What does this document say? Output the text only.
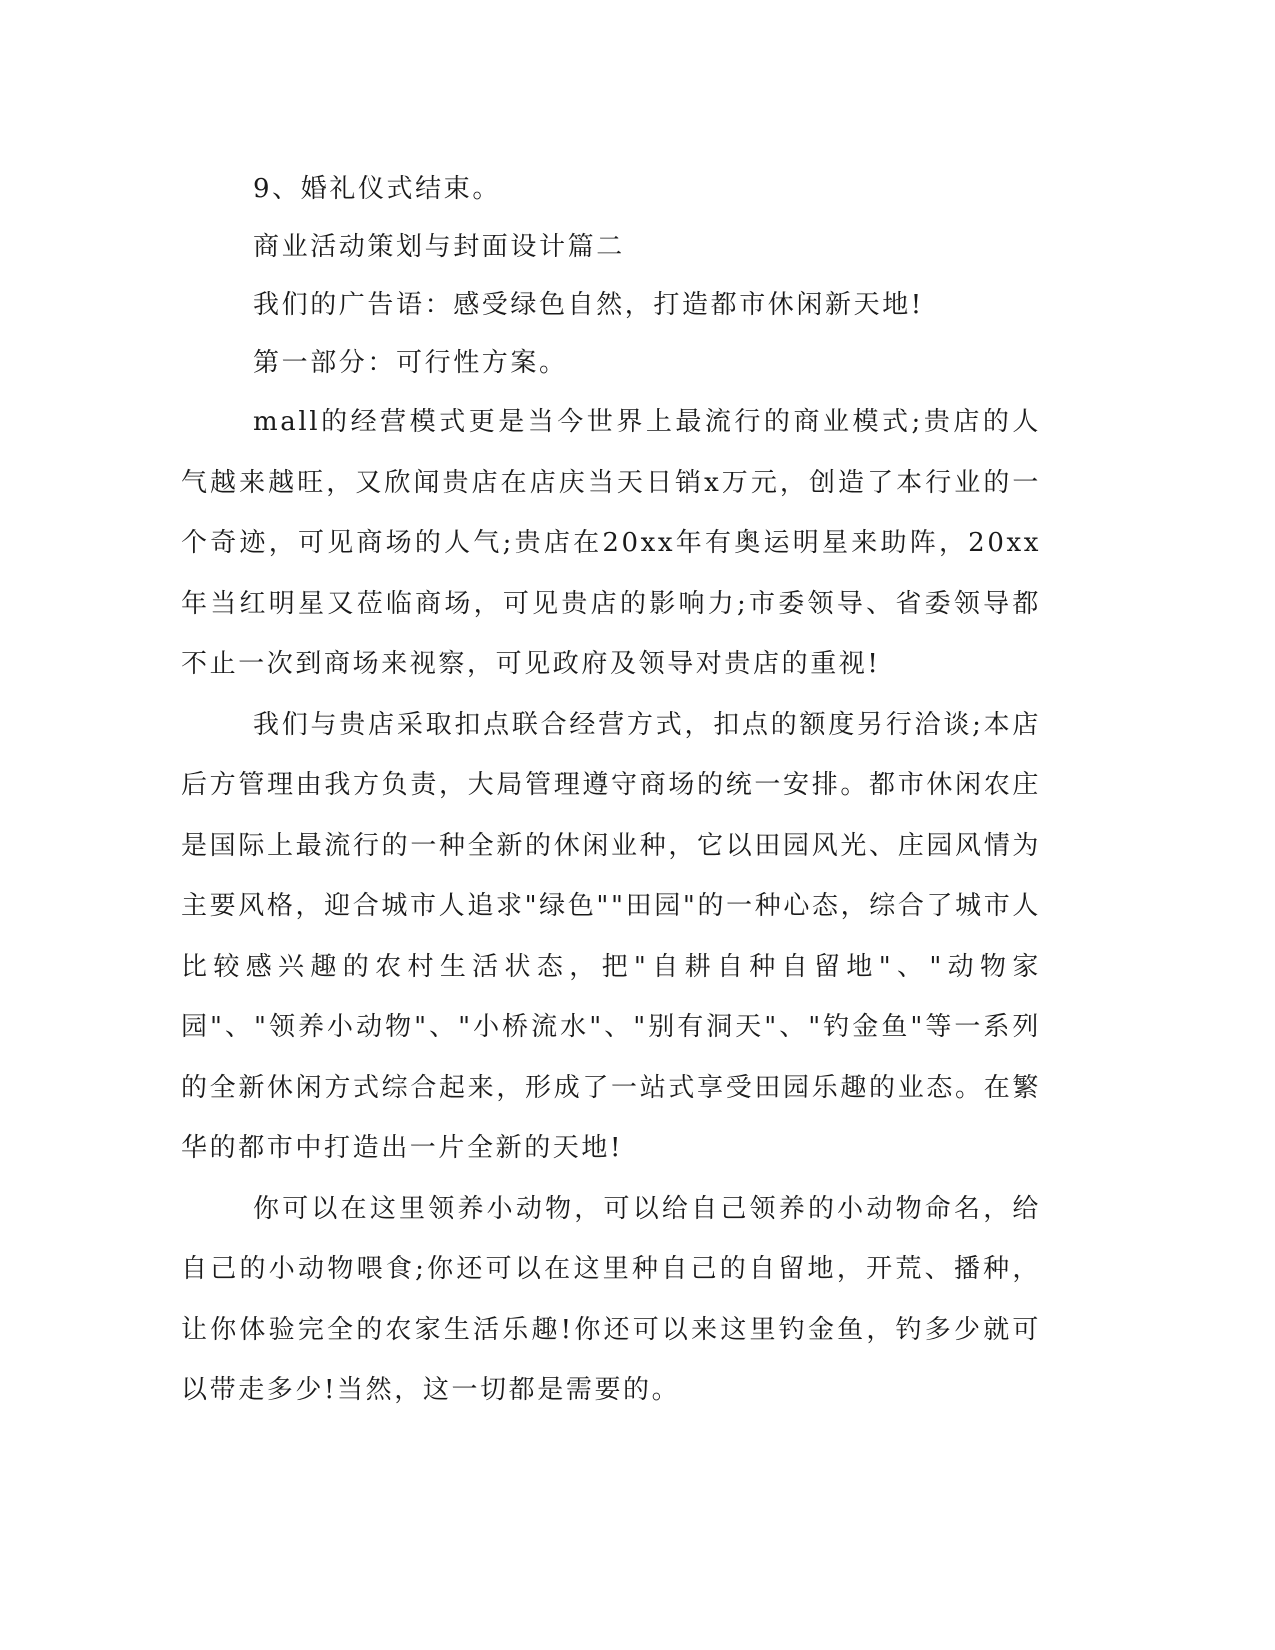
9、婚礼仪式结束。

商业活动策划与封面设计篇二

我们的广告语：感受绿色自然，打造都市休闲新天地!

第一部分：可行性方案。

mall的经营模式更是当今世界上最流行的商业模式;贵店的人气越来越旺，又欣闻贵店在店庆当天日销x万元，创造了本行业的一个奇迹，可见商场的人气;贵店在20xx年有奥运明星来助阵，20xx年当红明星又莅临商场，可见贵店的影响力;市委领导、省委领导都不止一次到商场来视察，可见政府及领导对贵店的重视!

我们与贵店采取扣点联合经营方式，扣点的额度另行洽谈;本店后方管理由我方负责，大局管理遵守商场的统一安排。都市休闲农庄是国际上最流行的一种全新的休闲业种，它以田园风光、庄园风情为主要风格，迎合城市人追求"绿色""田园"的一种心态，综合了城市人比较感兴趣的农村生活状态，把"自耕自种自留地"、"动物家园"、"领养小动物"、"小桥流水"、"别有洞天"、"钓金鱼"等一系列的全新休闲方式综合起来，形成了一站式享受田园乐趣的业态。在繁华的都市中打造出一片全新的天地!

你可以在这里领养小动物，可以给自己领养的小动物命名，给自己的小动物喂食;你还可以在这里种自己的自留地，开荒、播种，让你体验完全的农家生活乐趣!你还可以来这里钓金鱼，钓多少就可以带走多少!当然，这一切都是需要的。
